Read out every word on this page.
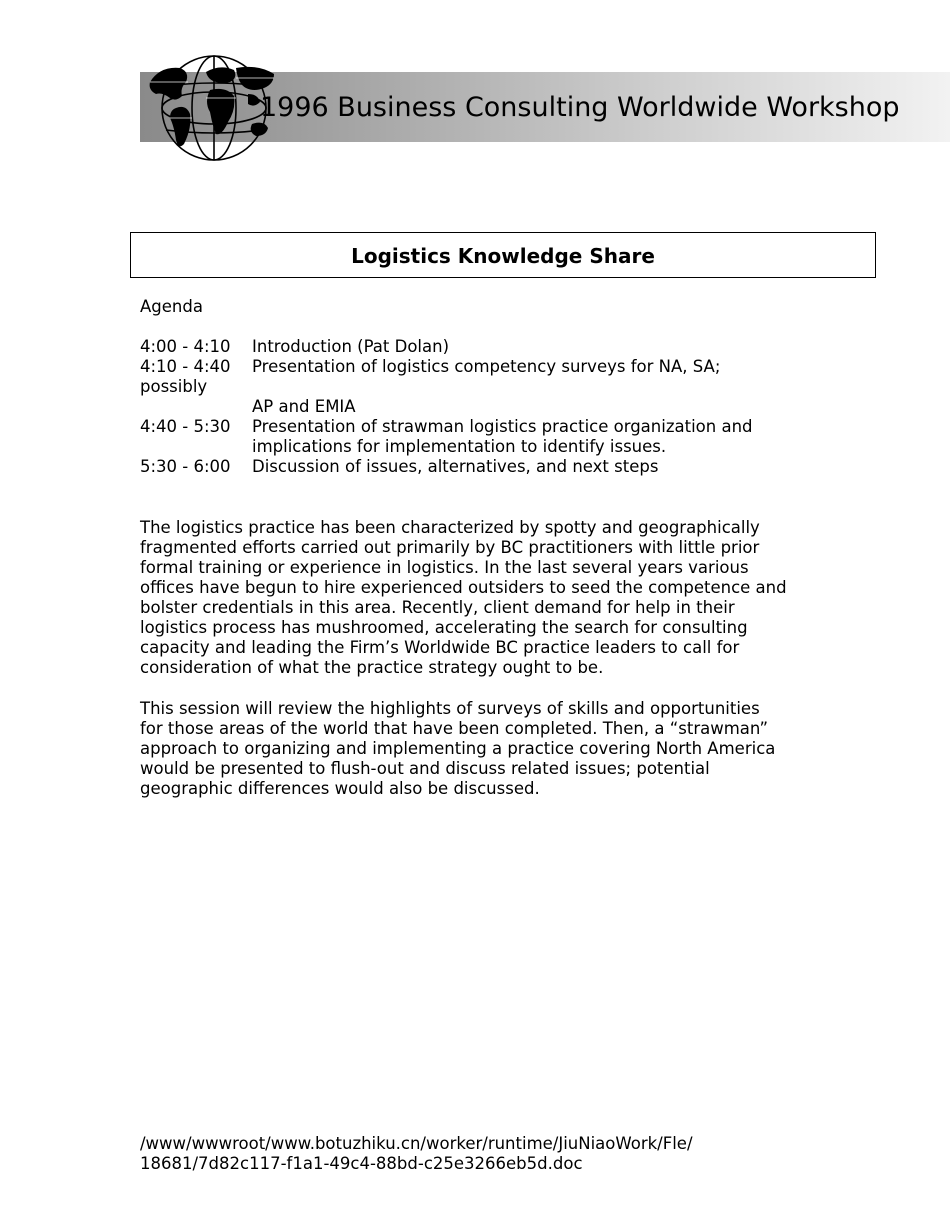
1996 Business Consulting Worldwide Workshop
Logistics Knowledge Share
Agenda
4:00 - 4:10 Introduction (Pat Dolan)
4:10 - 4:40 Presentation of logistics competency surveys for NA, SA;
possibly
AP and EMIA
4:40 - 5:30 Presentation of strawman logistics practice organization and
implications for implementation to identify issues.
5:30 - 6:00 Discussion of issues, alternatives, and next steps
The logistics practice has been characterized by spotty and geographically
fragmented efforts carried out primarily by BC practitioners with little prior
formal training or experience in logistics. In the last several years various
offices have begun to hire experienced outsiders to seed the competence and
bolster credentials in this area. Recently, client demand for help in their
logistics process has mushroomed, accelerating the search for consulting
capacity and leading the Firm’s Worldwide BC practice leaders to call for
consideration of what the practice strategy ought to be.
This session will review the highlights of surveys of skills and opportunities
for those areas of the world that have been completed. Then, a “strawman”
approach to organizing and implementing a practice covering North America
would be presented to flush-out and discuss related issues; potential
geographic differences would also be discussed.
/www/wwwroot/www.botuzhiku.cn/worker/runtime/JiuNiaoWork/Fle/
18681/7d82c117-f1a1-49c4-88bd-c25e3266eb5d.doc
